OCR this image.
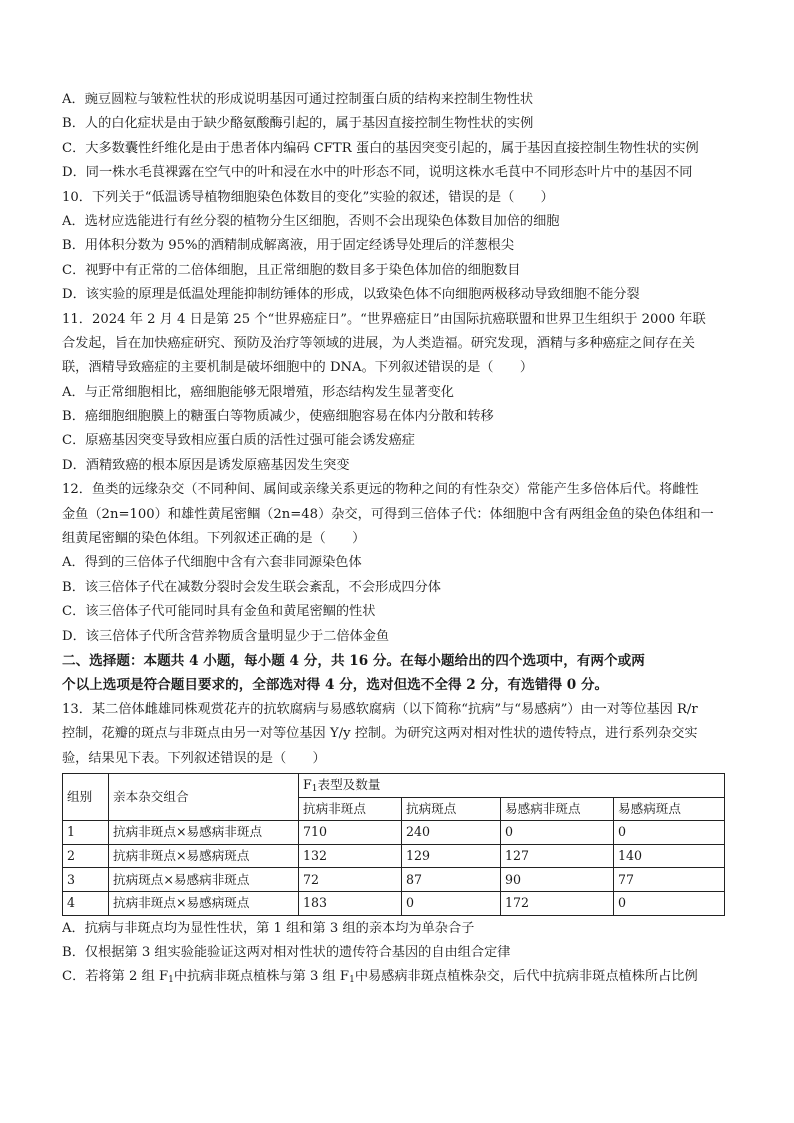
A．豌豆圆粒与皱粒性状的形成说明基因可通过控制蛋白质的结构来控制生物性状
B．人的白化症状是由于缺少酪氨酸酶引起的，属于基因直接控制生物性状的实例
C．大多数囊性纤维化是由于患者体内编码 CFTR 蛋白的基因突变引起的，属于基因直接控制生物性状的实例
D．同一株水毛茛裸露在空气中的叶和浸在水中的叶形态不同，说明这株水毛茛中不同形态叶片中的基因不同
10．下列关于“低温诱导植物细胞染色体数目的变化”实验的叙述，错误的是（　　）
A．选材应选能进行有丝分裂的植物分生区细胞，否则不会出现染色体数目加倍的细胞
B．用体积分数为 95%的酒精制成解离液，用于固定经诱导处理后的洋葱根尖
C．视野中有正常的二倍体细胞，且正常细胞的数目多于染色体加倍的细胞数目
D．该实验的原理是低温处理能抑制纺锤体的形成，以致染色体不向细胞两极移动导致细胞不能分裂
11．2024 年 2 月 4 日是第 25 个“世界癌症日”。“世界癌症日”由国际抗癌联盟和世界卫生组织于 2000 年联
合发起，旨在加快癌症研究、预防及治疗等领域的进展，为人类造福。研究发现，酒精与多种癌症之间存在关
联，酒精导致癌症的主要机制是破坏细胞中的 DNA。下列叙述错误的是（　　）
A．与正常细胞相比，癌细胞能够无限增殖，形态结构发生显著变化
B．癌细胞细胞膜上的糖蛋白等物质减少，使癌细胞容易在体内分散和转移
C．原癌基因突变导致相应蛋白质的活性过强可能会诱发癌症
D．酒精致癌的根本原因是诱发原癌基因发生突变
12．鱼类的远缘杂交（不同种间、属间或亲缘关系更远的物种之间的有性杂交）常能产生多倍体后代。将雌性
金鱼（2n=100）和雄性黄尾密鲴（2n=48）杂交，可得到三倍体子代：体细胞中含有两组金鱼的染色体组和一
组黄尾密鲴的染色体组。下列叙述正确的是（　　）
A．得到的三倍体子代细胞中含有六套非同源染色体
B．该三倍体子代在减数分裂时会发生联会紊乱，不会形成四分体
C．该三倍体子代可能同时具有金鱼和黄尾密鲴的性状
D．该三倍体子代所含营养物质含量明显少于二倍体金鱼
二、选择题：本题共 4 小题，每小题 4 分，共 16 分。在每小题给出的四个选项中，有两个或两
个以上选项是符合题目要求的，全部选对得 4 分，选对但选不全得 2 分，有选错得 0 分。
13．某二倍体雌雄同株观赏花卉的抗软腐病与易感软腐病（以下简称“抗病”与“易感病”）由一对等位基因 R/r
控制，花瓣的斑点与非斑点由另一对等位基因 Y/y 控制。为研究这两对相对性状的遗传特点，进行系列杂交实
验，结果见下表。下列叙述错误的是（　　）
组别	亲本杂交组合	$F_1$表型及数量			
		抗病非斑点	抗病斑点	易感病非斑点	易感病斑点
1	抗病非斑点×易感病非斑点	710	240	0	0
2	抗病非斑点×易感病斑点	132	129	127	140
3	抗病斑点×易感病非斑点	72	87	90	77
4	抗病非斑点×易感病斑点	183	0	172	0
A．抗病与非斑点均为显性性状，第 1 组和第 3 组的亲本均为单杂合子
B．仅根据第 3 组实验能验证这两对相对性状的遗传符合基因的自由组合定律
C．若将第 2 组 $F_1$中抗病非斑点植株与第 3 组 $F_1$中易感病非斑点植株杂交，后代中抗病非斑点植株所占比例
